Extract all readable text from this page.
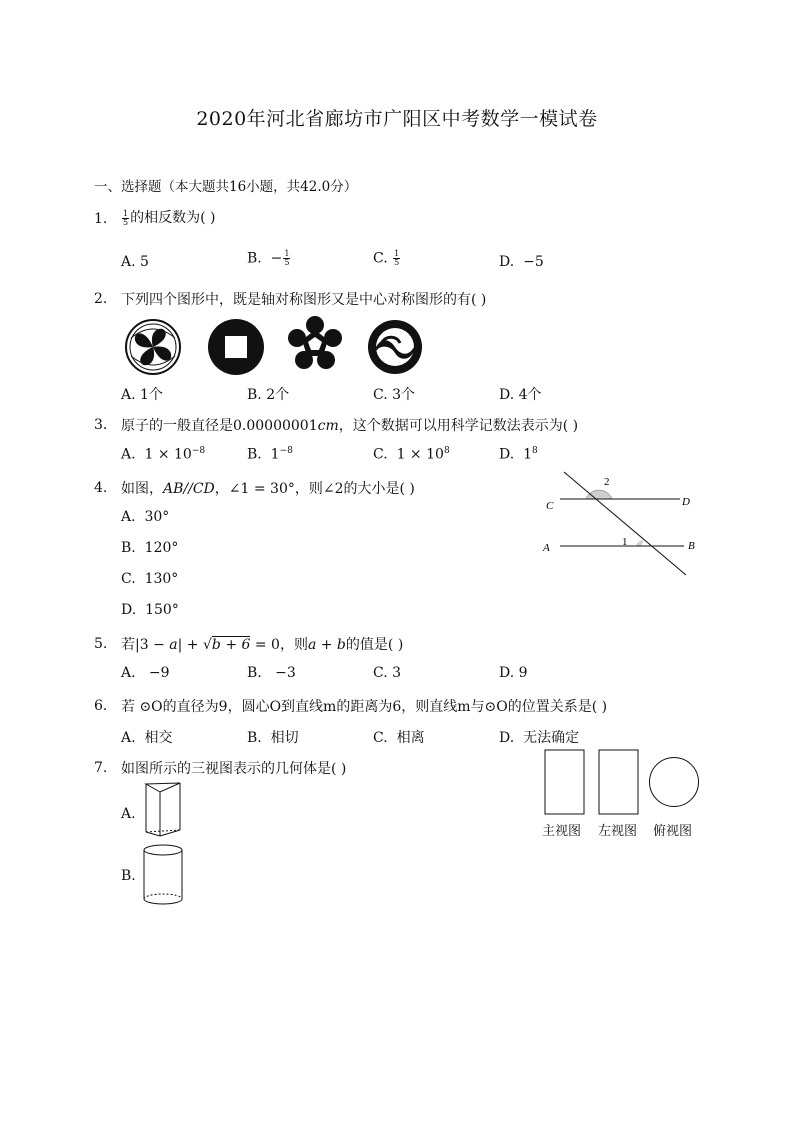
2020年河北省廊坊市广阳区中考数学一模试卷
一、选择题（本大题共16小题，共42.0分）
1. $\frac{1}{5}$ 的相反数为( )
A. 5	B. − $\frac{1}{5}$	C. $\frac{1}{5}$	D. −5
2. 下列四个图形中，既是轴对称图形又是中心对称图形的有( )
A. 1个	B. 2个	C. 3个	D. 4个
3. 原子的一般直径是0.00000001cm，这个数据可以用科学记数法表示为( )
A. $1 \times 10^{-8}$	B. $1^{-8}$	C. $1 \times 10^8$	D. $1^8$
4. 如图，AB//CD，∠1 = 30°，则∠2的大小是( )
A. 30°
B. 120°
C. 130°
D. 150°
C	D
A	B
1
2
5. 若|3 − a| + √b + 6 = 0，则a + b的值是( )
A. −9	B. −3	C. 3	D. 9
6. 若 ⊙O的直径为9，圆心O到直线m的距离为6，则直线m与⊙O的位置关系是( )
A. 相交	B. 相切	C. 相离	D. 无法确定
7. 如图所示的三视图表示的几何体是( )
A.
B.
主视图 左视图 俯视图
